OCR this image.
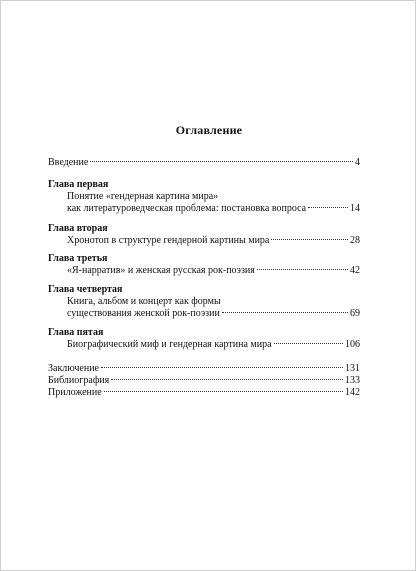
Оглавление
Введение	4
Глава первая
Понятие «гендерная картина мира»
как литературоведческая проблема: постановка вопроса	14
Глава вторая
Хронотоп в структуре гендерной картины мира	28
Глава третья
«Я-нарратив» и женская русская рок-поэзия	42
Глава четвертая
Книга, альбом и концерт как формы
существования женской рок-поэзии	69
Глава пятая
Биографический миф и гендерная картина мира	106
Заключение	131
Библиография	133
Приложение	142
